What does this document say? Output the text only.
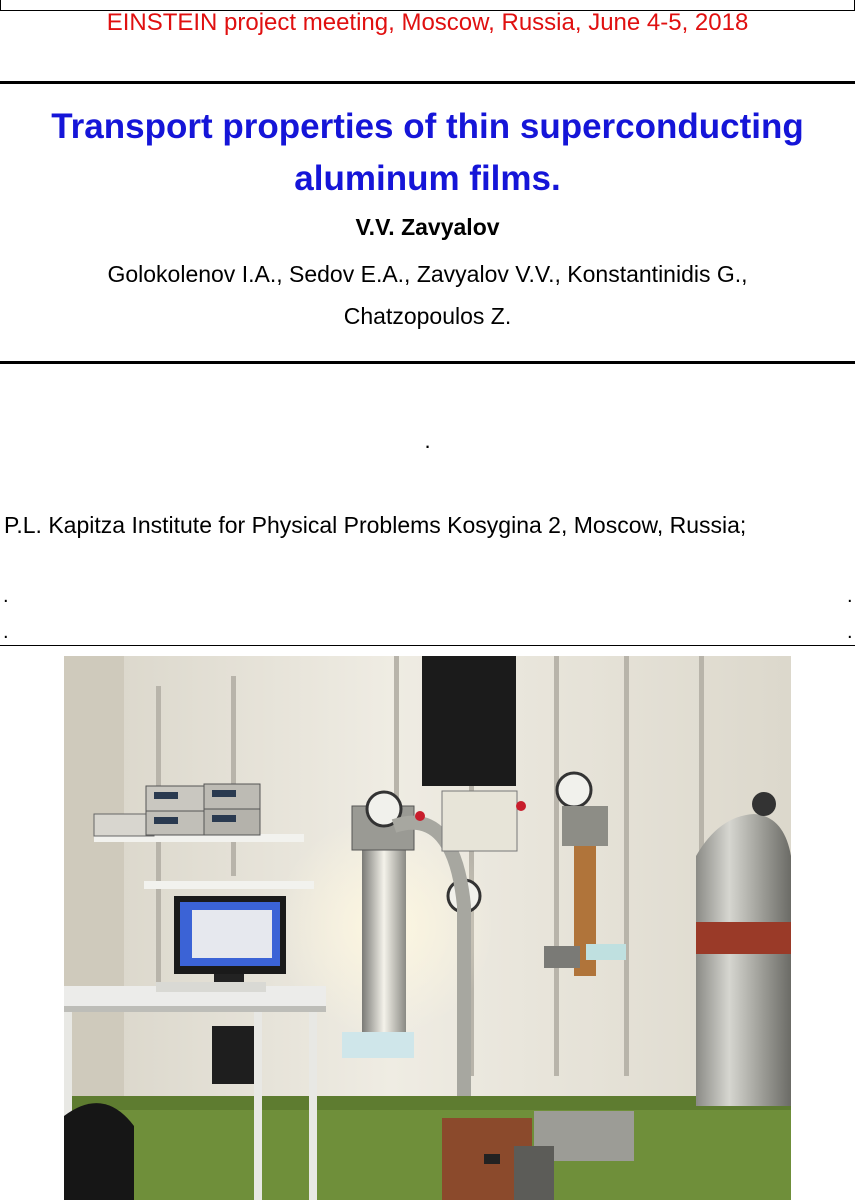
EINSTEIN project meeting, Moscow, Russia, June 4-5, 2018
Transport properties of thin superconducting
aluminum films.
V.V. Zavyalov
Golokolenov I.A., Sedov E.A., Zavyalov V.V., Konstantinidis G.,
Chatzopoulos Z.
.
P.L. Kapitza Institute for Physical Problems Kosygina 2, Moscow, Russia;
.	.
.	.
